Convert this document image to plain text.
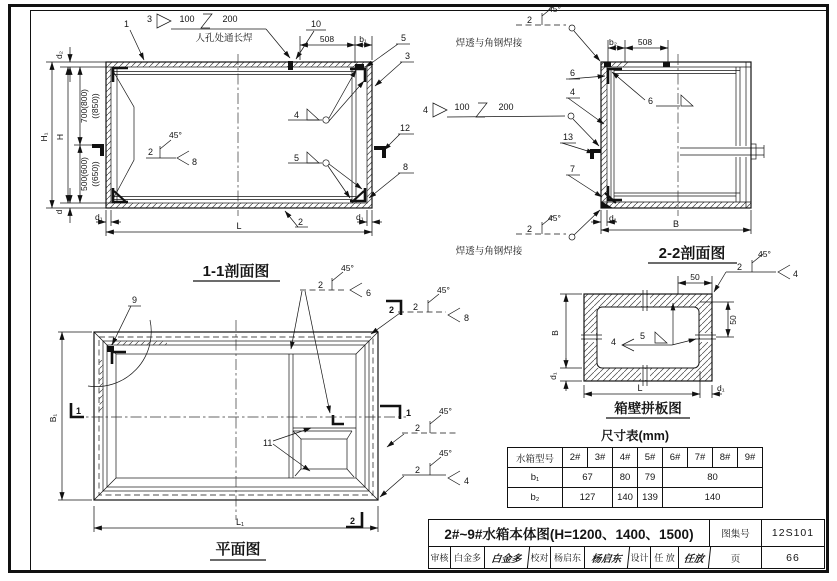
1 3	100	200
人孔处通长焊
10
508	b₁	5
3
4
5
12
8
2
45°
8
2
d₂
H₁ H
700(800) ((850))
500(600) ((650))
d	d₁	d₁
L
1-1剖面图
2
45°
焊透与角钢焊接
2
45°
焊透与角钢焊接
6
4
4	100	200
13
7
6
b₂ 508
d₁
B
2-2剖面图
9
11
1	1
2
2
2
45°
6
2
45°
8
2
45°
2
45°
4
B₁
L₁
平面图
4
5
2
45°
4
50
50
B
d₁
L	d₁
箱壁拼板图
尺寸表(mm)
水箱型号	2#	3#	4#	5#	6#	7#	8#	9#
b₁	67		80	79	80			
b₂	127		140	139	140			
2#~9#水箱本体图(H=1200、1400、1500)	图集号	12S101
审核 白金多 白金多 校对 杨启东 杨启东 设计 任 放 任放	页	66
